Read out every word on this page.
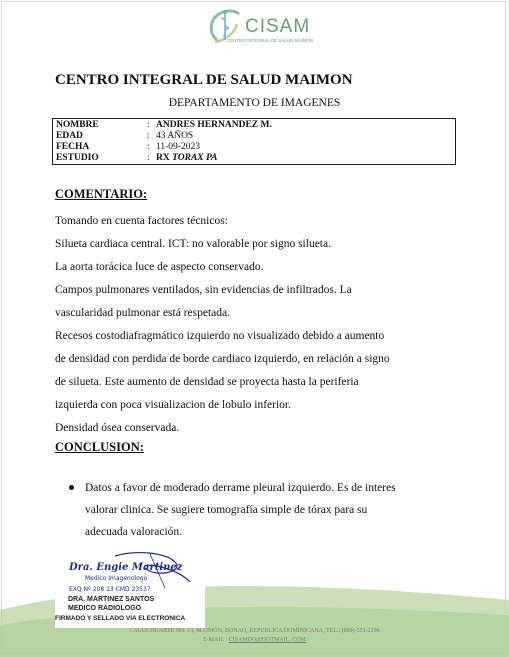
CISAM
CENTRO INTEGRAL DE SALUD MAIMON
CENTRO INTEGRAL DE SALUD MAIMON
DEPARTAMENTO DE IMAGENES
NOMBRE	: ANDRES HERNANDEZ M.
EDAD	: 43 AÑOS
FECHA	: 11-09-2023
ESTUDIO	: RX TORAX PA
COMENTARIO:
Tomando en cuenta factores técnicos:
Silueta cardiaca central. ICT: no valorable por signo silueta.
La aorta torácica luce de aspecto conservado.
Campos pulmonares ventilados, sin evidencias de infiltrados. La
vascularidad pulmonar está respetada.
Recesos costodiafragmático izquierdo no visualizado debido a aumento
de densidad con perdida de borde cardiaco izquierdo, en relación a signo
de silueta. Este aumento de densidad se proyecta hasta la periferia
izquierda con poca visualizacion de lobulo inferior.
Densidad ósea conservada.
CONCLUSION:
Datos a favor de moderado derrame pleural izquierdo. Es de interes
valorar clinica. Se sugiere tomografía simple de tórax para su
adecuada valoración.
Dra. Engie Martinez
Medico Imagenologo
EXQ Nº 208 13 CMD 23537
DRA. MARTINEZ SANTOS
MEDICO RADIOLOGO
FIRMADO Y SELLADO VIA ELECTRONICA
CALLE DUARTE NO. 13, MAIMÓN, BONAO, REPUBLICA DOMINICANA, TEL.: (809)-551-2196
E-MAIL : CISAMDO@HOTMAIL .COM
